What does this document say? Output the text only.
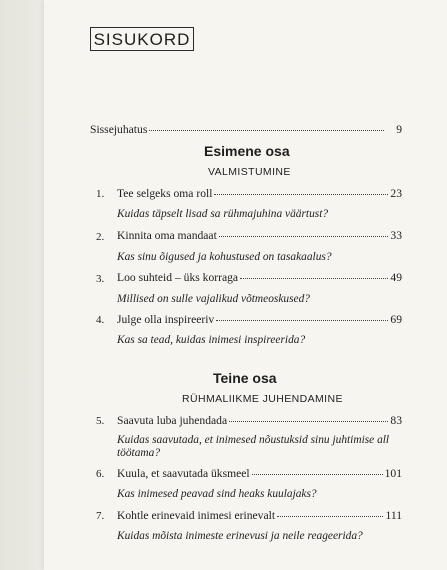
SISUKORD
Sissejuhatus	9
Esimene osa
VALMISTUMINE
1. Tee selgeks oma roll	23
Kuidas täpselt lisad sa rühmajuhina väärtust?
2. Kinnita oma mandaat	33
Kas sinu õigused ja kohustused on tasakaalus?
3. Loo suhteid – üks korraga	49
Millised on sulle vajalikud võtmeoskused?
4. Julge olla inspireeriv	69
Kas sa tead, kuidas inimesi inspireerida?
Teine osa
RÜHMALIIKME JUHENDAMINE
5. Saavuta luba juhendada	83
Kuidas saavutada, et inimesed nõustuksid sinu juhtimise all töötama?
6. Kuula, et saavutada üksmeel	101
Kas inimesed peavad sind heaks kuulajaks?
7. Kohtle erinevaid inimesi erinevalt	111
Kuidas mõista inimeste erinevusi ja neile reageerida?
